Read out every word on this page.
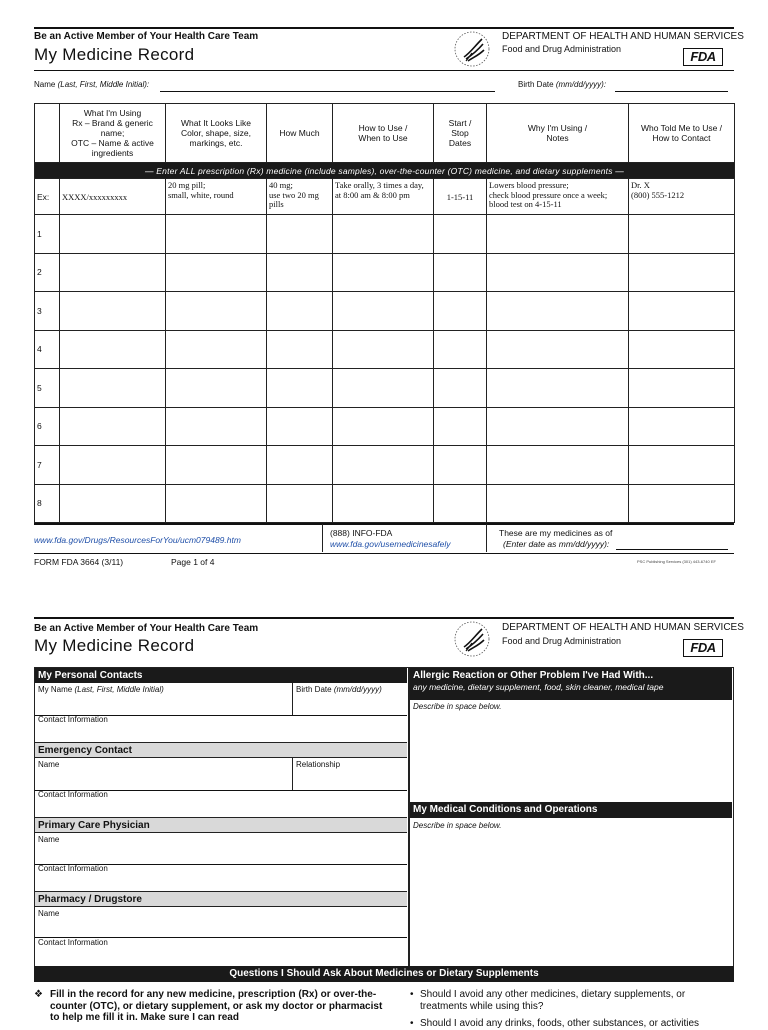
Be an Active Member of Your Health Care Team
My Medicine Record
DEPARTMENT OF HEALTH AND HUMAN SERVICES
Food and Drug Administration	FDA
Name (Last, First, Middle Initial):	Birth Date (mm/dd/yyyy):
	What I'm Using
Rx – Brand & generic name;
OTC – Name & active ingredients	What It Looks Like
Color, shape, size, markings, etc.	How Much	How to Use /
When to Use	Start /
Stop
Dates	Why I'm Using /
Notes	Who Told Me to Use /
How to Contact
— Enter ALL prescription (Rx) medicine (include samples), over-the-counter (OTC) medicine, and dietary supplements —							
Ex:	XXXX/xxxxxxxxx	20 mg pill;
small, white, round	40 mg;
use two 20 mg pills	Take orally, 3 times a day, at 8:00 am & 8:00 pm	1-15-11	Lowers blood pressure;
check blood pressure once a week; blood test on 4-15-11	Dr. X
(800) 555-1212
1							
2							
3							
4							
5							
6							
7							
8							
www.fda.gov/Drugs/ResourcesForYou/ucm079489.htm
(888) INFO-FDA
www.fda.gov/usemedicinesafely
These are my medicines as of
(Enter date as mm/dd/yyyy):
FORM FDA 3664 (3/11)	Page 1 of 4	PSC Publishing Services (301) 443-6740 EF
Be an Active Member of Your Health Care Team
My Medicine Record
DEPARTMENT OF HEALTH AND HUMAN SERVICES
Food and Drug Administration	FDA
My Personal Contacts
My Name (Last, First, Middle Initial)	Birth Date (mm/dd/yyyy)
Contact Information
Emergency Contact
Name	Relationship
Contact Information
Primary Care Physician
Name
Contact Information
Pharmacy / Drugstore
Name
Contact Information
Allergic Reaction or Other Problem I've Had With...
any medicine, dietary supplement, food, skin cleaner, medical tape
Describe in space below.
My Medical Conditions and Operations
Describe in space below.
Questions I Should Ask About Medicines or Dietary Supplements
❖ Fill in the record for any new medicine, prescription (Rx) or over-the-counter (OTC), or dietary supplement, or ask my doctor or pharmacist to help me fill it in. Make sure I can read
• Should I avoid any other medicines, dietary supplements, or treatments while using this?
• Should I avoid any drinks, foods, other substances, or activities
